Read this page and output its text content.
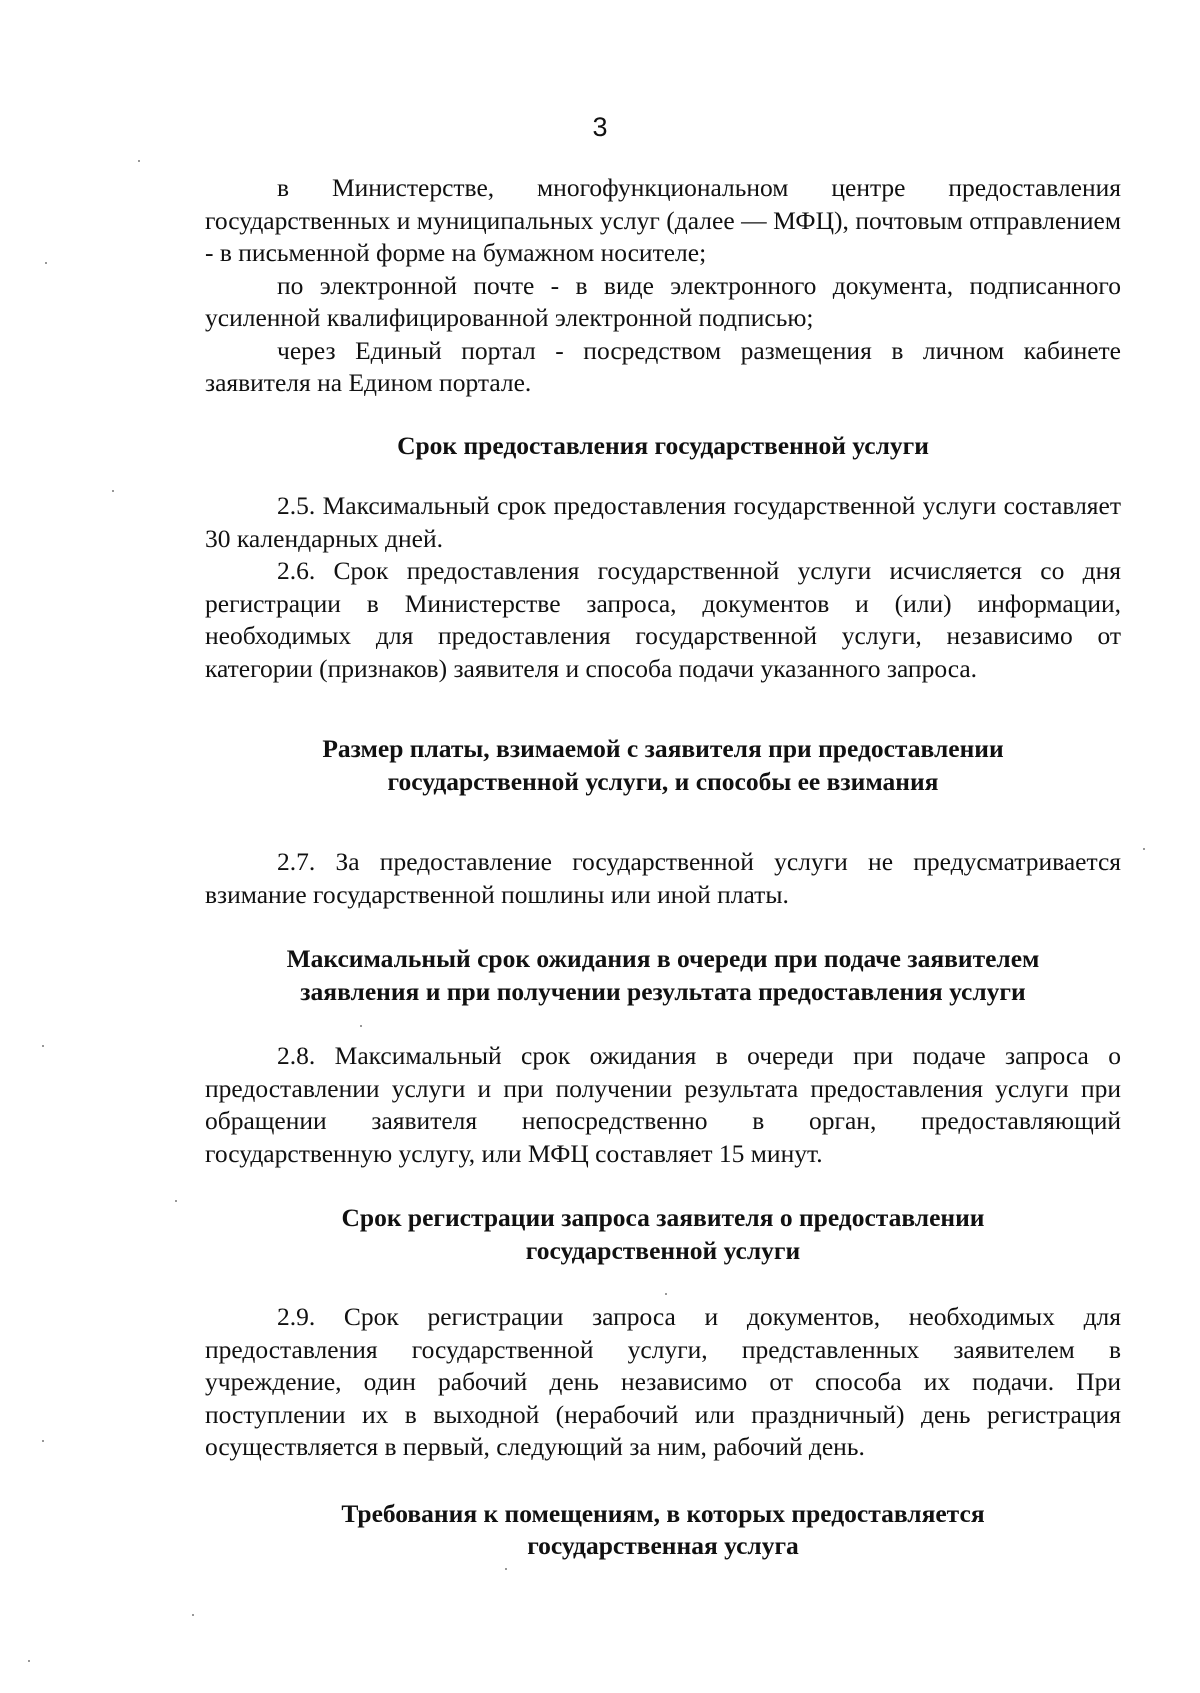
3

в Министерстве, многофункциональном центре предоставления государственных и муниципальных услуг (далее — МФЦ), почтовым отправлением - в письменной форме на бумажном носителе;

по электронной почте - в виде электронного документа, подписанного усиленной квалифицированной электронной подписью;

через Единый портал - посредством размещения в личном кабинете заявителя на Едином портале.

Срок предоставления государственной услуги

2.5. Максимальный срок предоставления государственной услуги составляет 30 календарных дней.

2.6. Срок предоставления государственной услуги исчисляется со дня регистрации в Министерстве запроса, документов и (или) информации, необходимых для предоставления государственной услуги, независимо от категории (признаков) заявителя и способа подачи указанного запроса.

Размер платы, взимаемой с заявителя при предоставлении

государственной услуги, и способы ее взимания

2.7. За предоставление государственной услуги не предусматривается взимание государственной пошлины или иной платы.

Максимальный срок ожидания в очереди при подаче заявителем

заявления и при получении результата предоставления услуги

2.8. Максимальный срок ожидания в очереди при подаче запроса о предоставлении услуги и при получении результата предоставления услуги при обращении заявителя непосредственно в орган, предоставляющий государственную услугу, или МФЦ составляет 15 минут.

Срок регистрации запроса заявителя о предоставлении

государственной услуги

2.9. Срок регистрации запроса и документов, необходимых для предоставления государственной услуги, представленных заявителем в учреждение, один рабочий день независимо от способа их подачи. При поступлении их в выходной (нерабочий или праздничный) день регистрация осуществляется в первый, следующий за ним, рабочий день.

Требования к помещениям, в которых предоставляется

государственная услуга
